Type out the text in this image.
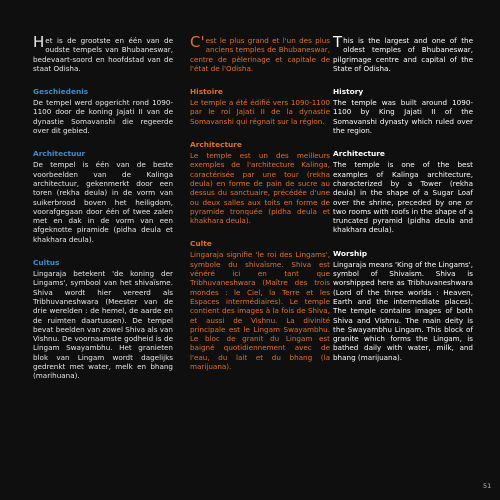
Het is de grootste en één van de oudste tempels van Bhubaneswar, bedevaart-soord en hoofdstad van de staat Odisha.

Geschiedenis

De tempel werd opgericht rond 1090-1100 door de koning Jajati II van de dynastie Somavanshi die regeerde over dit gebied.

Architectuur

De tempel is één van de beste voorbeelden van de Kalinga architectuur, gekenmerkt door een toren (rekha deula) in de vorm van suikerbrood boven het heiligdom, voorafgegaan door één of twee zalen met en dak in de vorm van een afgeknotte piramide (pidha deula et khakhara deula).

Cultus

Lingaraja betekent 'de koning der Lingams', symbool van het shivaïsme. Shiva wordt hier vereerd als Tribhuvaneshwara (Meester van de drie werelden : de hemel, de aarde en de ruimten daartussen). De tempel bevat beelden van zowel Shiva als van Vishnu. De voornaamste godheid is de Lingam Swayambhu. Het granieten blok van Lingam wordt dagelijks gedrenkt met water, melk en bhang (marihuana).

C'est le plus grand et l'un des plus anciens temples de Bhubaneswar, centre de pèlerinage et capitale de l'état de l'Odisha.

Histoire

Le temple a été édifié vers 1090-1100 par le roi Jajati II de la dynastie Somavanshi qui régnait sur la région.

Architecture

Le temple est un des meilleurs exemples de l'architecture Kalinga, caractérisée par une tour (rekha deula) en forme de pain de sucre au dessus du sanctuaire, précédée d'une ou deux salles aux toits en forme de pyramide tronquée (pidha deula et khakhara deula).

Culte

Lingaraja signifie 'le roi des Lingams', symbole du shivaïsme. Shiva est vénéré ici en tant que Tribhuvaneshwara (Maître des trois mondes : le Ciel, la Terre et les Espaces intermédiaires). Le temple contient des images à la fois de Shiva, et aussi de Vishnu. La divinité principale est le Lingam Swayambhu. Le bloc de granit du Lingam est baigné quotidiennement avec de l'eau, du lait et du bhang (la marijuana).

This is the largest and one of the oldest temples of Bhubaneswar, pilgrimage centre and capital of the State of Odisha.

History

The temple was built around 1090-1100 by King Jajati II of the Somavanshi dynasty which ruled over the region.

Architecture

The temple is one of the best examples of Kalinga architecture, characterized by a Tower (rekha deula) in the shape of a Sugar Loaf over the shrine, preceded by one or two rooms with roofs in the shape of a truncated pyramid (pidha deula and khakhara deula).

Worship

Lingaraja means 'King of the Lingams', symbol of Shivaism. Shiva is worshipped here as Tribhuvaneshwara (Lord of the three worlds : Heaven, Earth and the intermediate places). The temple contains images of both Shiva and Vishnu. The main deity is the Swayambhu Lingam. This block of granite which forms the Lingam, is bathed daily with water, milk, and bhang (marijuana).

51
